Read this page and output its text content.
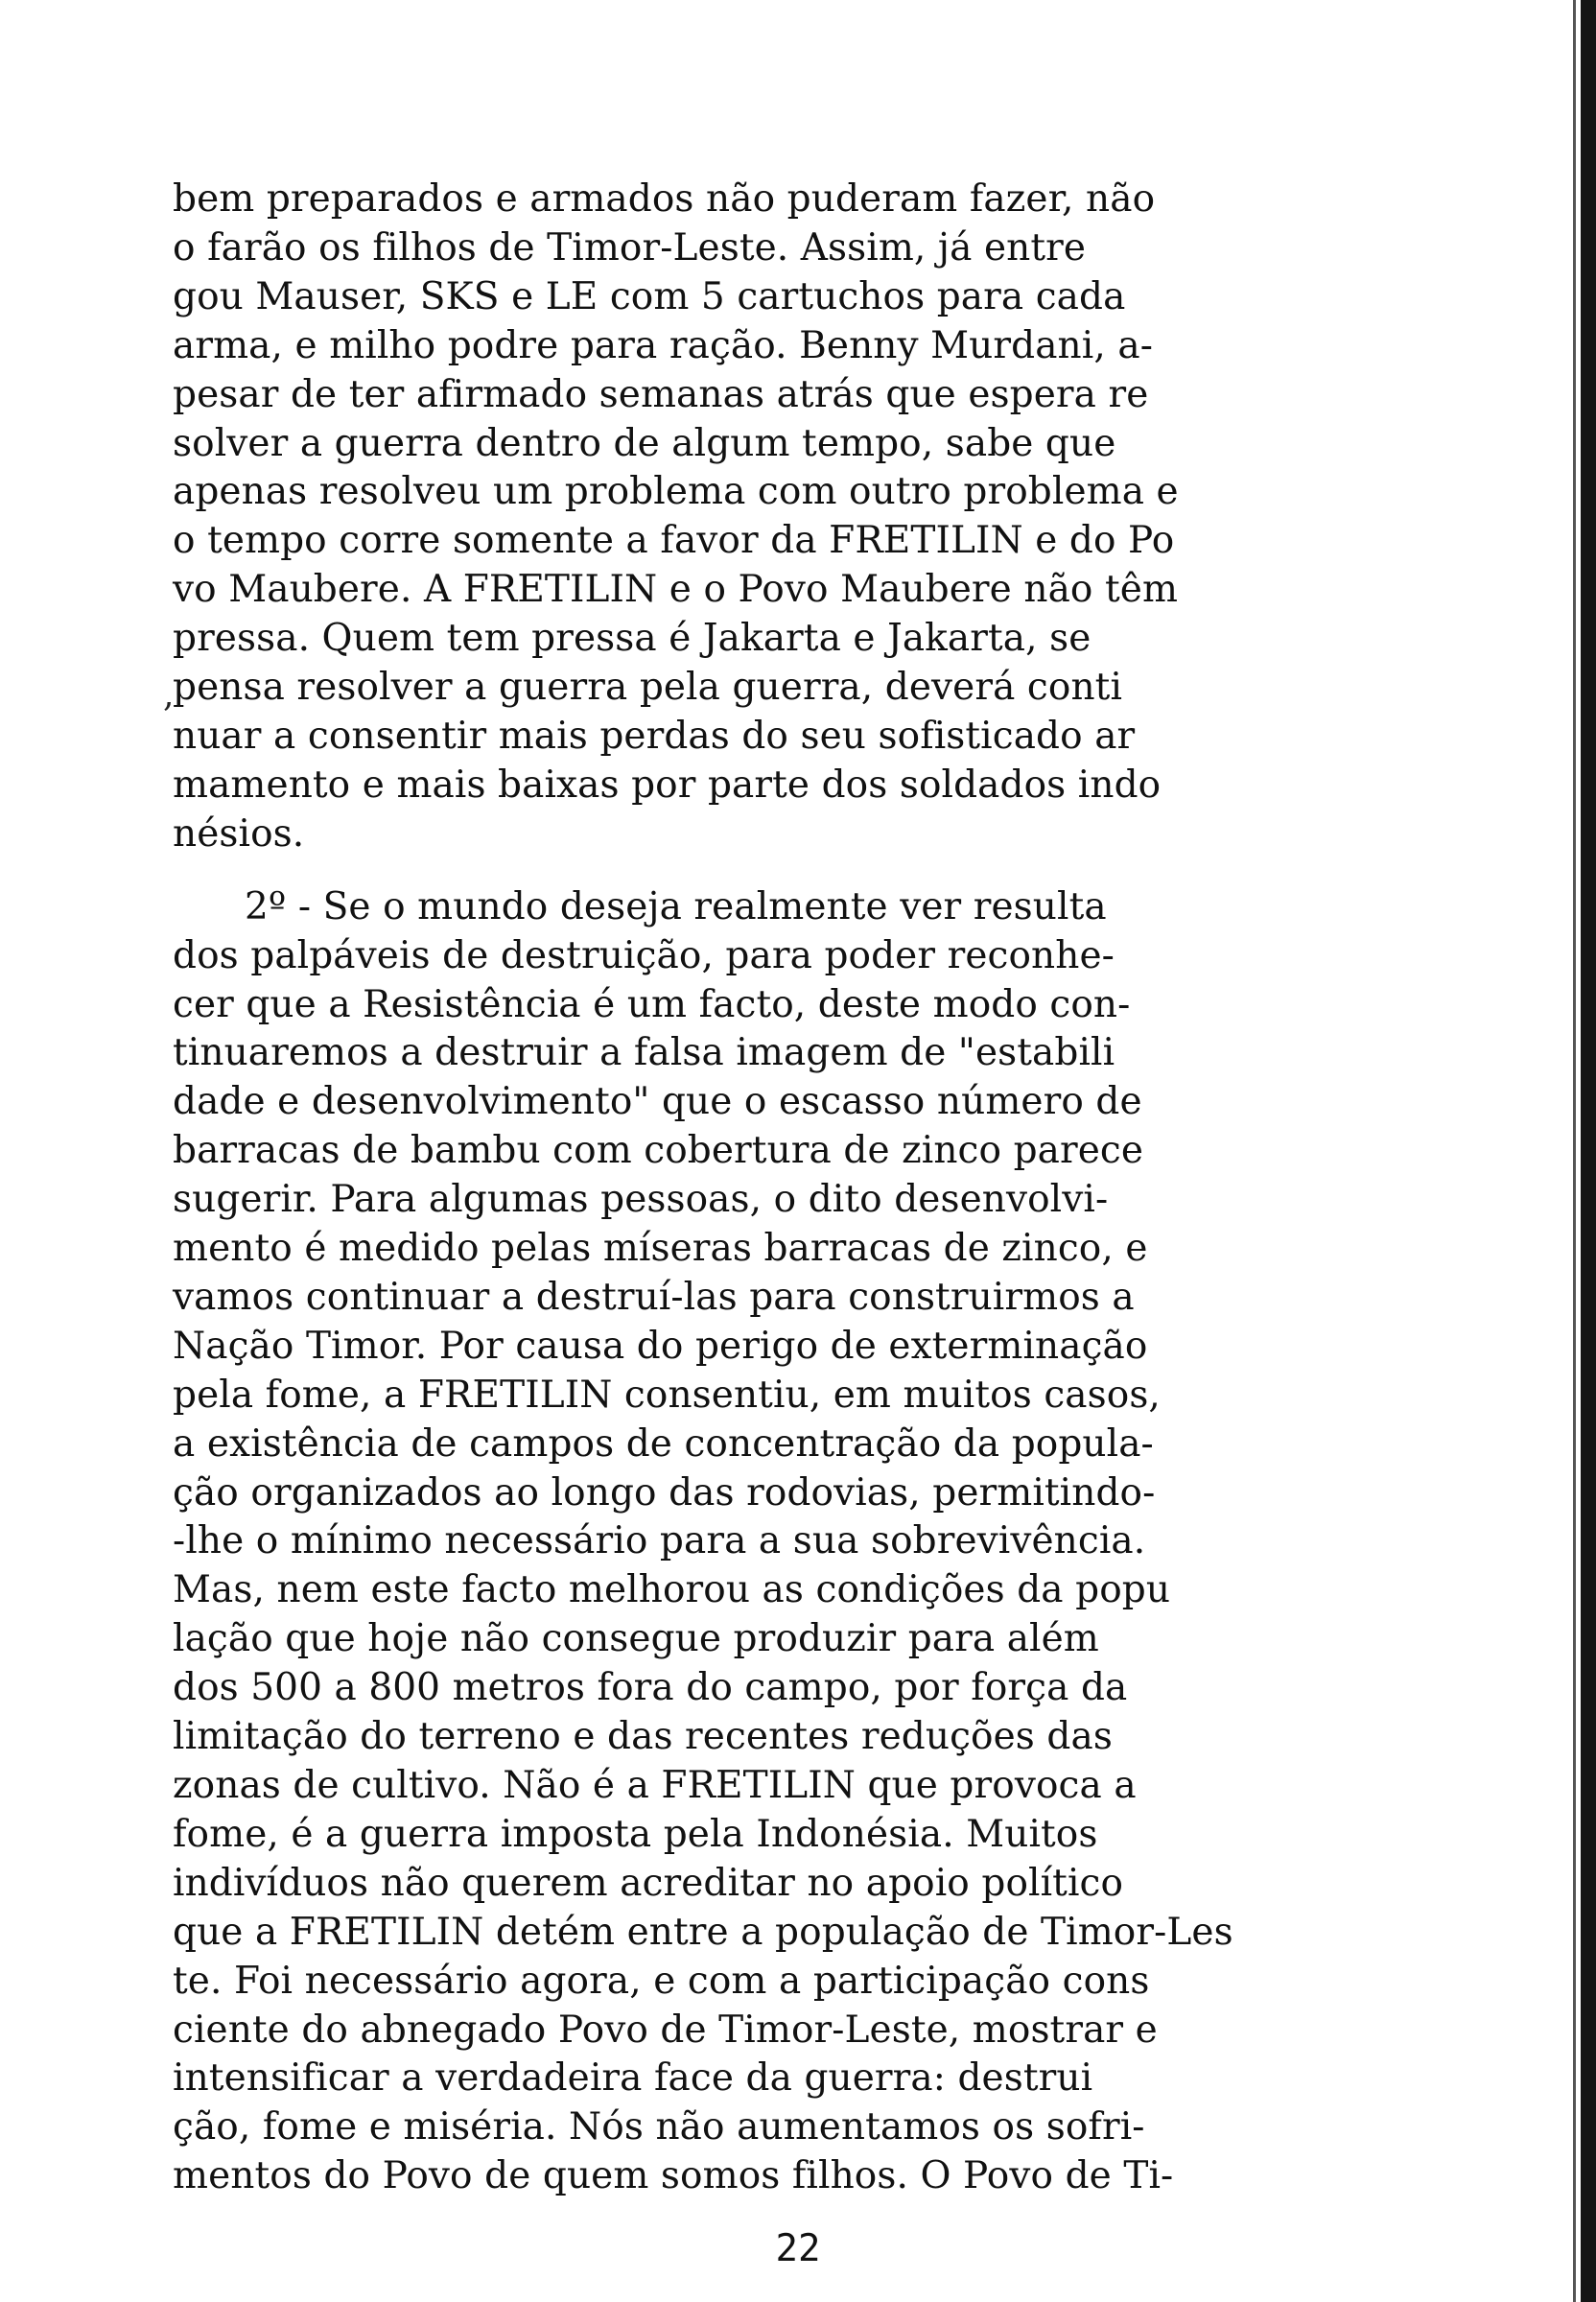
bem preparados e armados não puderam fazer, não
o farão os filhos de Timor-Leste. Assim, já entre
gou Mauser, SKS e LE com 5 cartuchos para cada
arma, e milho podre para ração. Benny Murdani, a-
pesar de ter afirmado semanas atrás que espera re
solver a guerra dentro de algum tempo, sabe que
apenas resolveu um problema com outro problema e
o tempo corre somente a favor da FRETILIN e do Po
vo Maubere. A FRETILIN e o Povo Maubere não têm
pressa. Quem tem pressa é Jakarta e Jakarta, se
pensa resolver a guerra pela guerra, deverá conti
nuar a consentir mais perdas do seu sofisticado ar
mamento e mais baixas por parte dos soldados indo
nésios.
2º - Se o mundo deseja realmente ver resulta
dos palpáveis de destruição, para poder reconhe-
cer que a Resistência é um facto, deste modo con-
tinuaremos a destruir a falsa imagem de "estabili
dade e desenvolvimento" que o escasso número de
barracas de bambu com cobertura de zinco parece
sugerir. Para algumas pessoas, o dito desenvolvi-
mento é medido pelas míseras barracas de zinco, e
vamos continuar a destruí-las para construirmos a
Nação Timor. Por causa do perigo de exterminação
pela fome, a FRETILIN consentiu, em muitos casos,
a existência de campos de concentração da popula-
ção organizados ao longo das rodovias, permitindo-
-lhe o mínimo necessário para a sua sobrevivência.
Mas, nem este facto melhorou as condições da popu
lação que hoje não consegue produzir para além
dos 500 a 800 metros fora do campo, por força da
limitação do terreno e das recentes reduções das
zonas de cultivo. Não é a FRETILIN que provoca a
fome, é a guerra imposta pela Indonésia. Muitos
indivíduos não querem acreditar no apoio político
que a FRETILIN detém entre a população de Timor-Les
te. Foi necessário agora, e com a participação cons
ciente do abnegado Povo de Timor-Leste, mostrar e
intensificar a verdadeira face da guerra: destrui
ção, fome e miséria. Nós não aumentamos os sofri-
mentos do Povo de quem somos filhos. O Povo de Ti-
22
,
